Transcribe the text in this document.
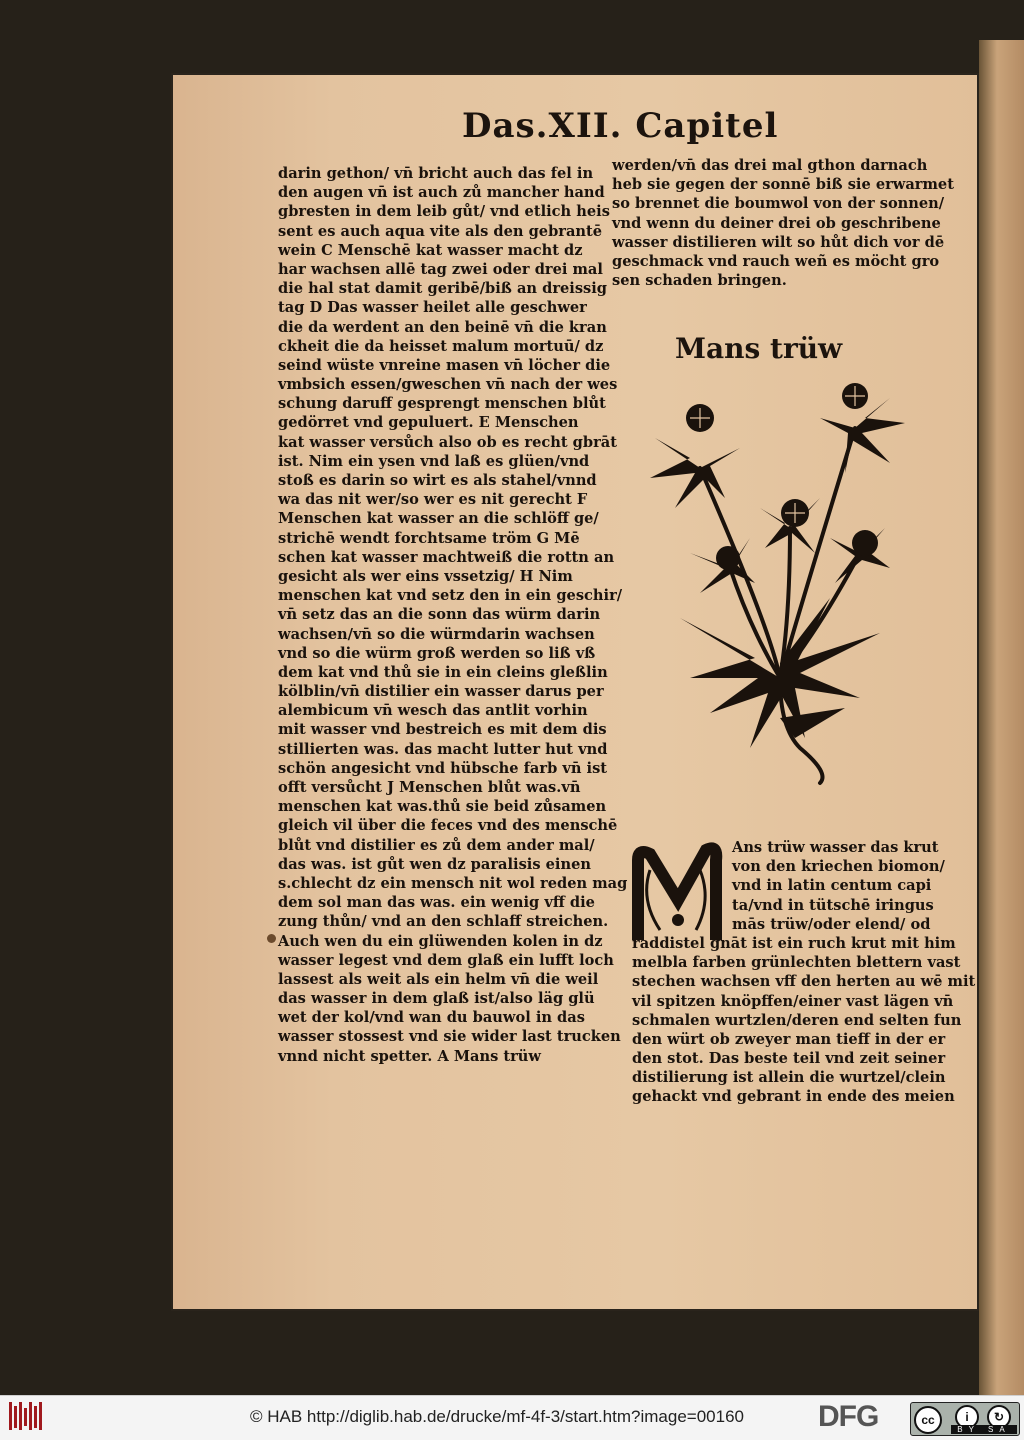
Das.XII. Capitel
darin gethon/ vn̄ bricht auch das fel in
den augen vn̄ ist auch zů mancher hand
gbresten in dem leib gůt/ vnd etlich heis
sent es auch aqua vite als den gebrantē
wein C Menschē kat wasser macht dz
har wachsen allē tag zwei oder drei mal
die hal stat damit geribē/biß an dreissig
tag D Das wasser heilet alle geschwer
die da werdent an den beinē vn̄ die kran
ckheit die da heisset malum mortuū/ dz
seind wüste vnreine masen vn̄ löcher die
vmbsich essen/gweschen vn̄ nach der wes
schung daruff gesprengt menschen blůt
gedörret vnd gepuluert. E Menschen
kat wasser versůch also ob es recht gbrāt
ist. Nim ein ysen vnd laß es glüen/vnd
stoß es darin so wirt es als stahel/vnnd
wa das nit wer/so wer es nit gerecht F
Menschen kat wasser an die schlöff ge/
strichē wendt forchtsame tröm G Mē
schen kat wasser machtweiß die rottn an
gesicht als wer eins vssetzig/ H Nim
menschen kat vnd setz den in ein geschir/
vn̄ setz das an die sonn das würm darin
wachsen/vn̄ so die würmdarin wachsen
vnd so die würm groß werden so liß vß
dem kat vnd thů sie in ein cleins gleßlin
kölblin/vn̄ distilier ein wasser darus per
alembicum vn̄ wesch das antlit vorhin
mit wasser vnd bestreich es mit dem dis
stillierten was. das macht lutter hut vnd
schön angesicht vnd hübsche farb vn̄ ist
offt versůcht J Menschen blůt was.vn̄
menschen kat was.thů sie beid zůsamen
gleich vil über die feces vnd des menschē
blůt vnd distilier es zů dem ander mal/
das was. ist gůt wen dz paralisis einen
s.chlecht dz ein mensch nit wol reden mag
dem sol man das was. ein wenig vff die
zung thůn/ vnd an den schlaff streichen.
Auch wen du ein glüwenden kolen in dz
wasser legest vnd dem glaß ein lufft loch
lassest als weit als ein helm vn̄ die weil
das wasser in dem glaß ist/also läg glü
wet der kol/vnd wan du bauwol in das
wasser stossest vnd sie wider last trucken
vnnd nicht spetter. A Mans trüw
werden/vn̄ das drei mal gthon darnach
heb sie gegen der sonnē biß sie erwarmet
so brennet die boumwol von der sonnen/
vnd wenn du deiner drei ob geschribene
wasser distilieren wilt so hůt dich vor dē
geschmack vnd rauch weñ es möcht gro
sen schaden bringen.
Mans trüw
M	Ans trüw wasser das krut
von den kriechen biomon/
vnd in latin centum capi
ta/vnd in tütschē iringus
mās trüw/oder elend/ od
raddistel gnāt ist ein ruch krut mit him
melbla farben grünlechten blettern vast
stechen wachsen vff den herten au wē mit
vil spitzen knöpffen/einer vast lägen vn̄
schmalen wurtzlen/deren end selten fun
den würt ob zweyer man tieff in der er
den stot. Das beste teil vnd zeit seiner
distilierung ist allein die wurtzel/clein
gehackt vnd gebrant in ende des meien
© HAB http://diglib.hab.de/drucke/mf-4f-3/start.htm?image=00160 DFG	cc	i	↻
BY SA
